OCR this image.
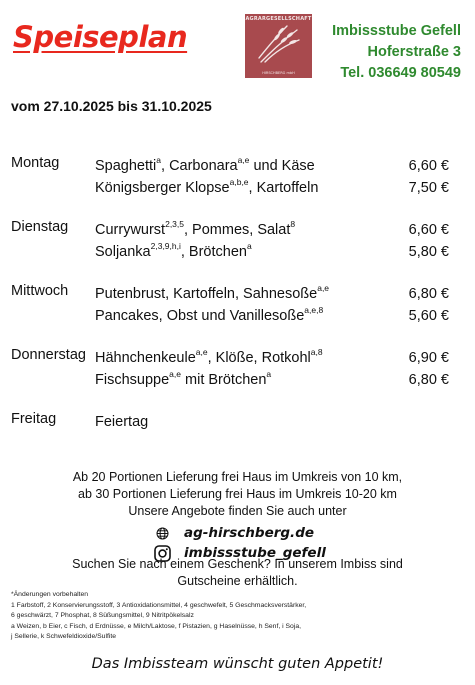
Speiseplan
AGRARGESELLSCHAFT
HIRSCHBERG mbH
Imbissstube Gefell
Hoferstraße 3
Tel. 036649 80549
vom 27.10.2025 bis 31.10.2025
Montag Spaghetti$^a$, Carbonara$^{a,e}$ und Käse	6,60 €
Königsberger Klopse$^{a,b,e}$, Kartoffeln	7,50 €
Dienstag Currywurst$^{2,3,5}$, Pommes, Salat$^8$	6,60 €
Soljanka$^{2,3,9,h,i}$, Brötchen$^a$	5,80 €
Mittwoch Putenbrust, Kartoffeln, Sahnesoße$^{a,e}$	6,80 €
Pancakes, Obst und Vanillesoße$^{a,e,8}$	5,60 €
Donnerstag Hähnchenkeule$^{a,e}$, Klöße, Rotkohl$^{a,8}$	6,90 €
Fischsuppe$^{a,e}$ mit Brötchen$^a$	6,80 €
Freitag	Feiertag
Ab 20 Portionen Lieferung frei Haus im Umkreis von 10 km,
ab 30 Portionen Lieferung frei Haus im Umkreis 10-20 km
Unsere Angebote finden Sie auch unter
ag-hirschberg.de
imbissstube_gefell
Suchen Sie nach einem Geschenk? In unserem Imbiss sind
Gutscheine erhältlich.
*Änderungen vorbehalten
1 Farbstoff, 2 Konservierungsstoff, 3 Antioxidationsmittel, 4 geschwefelt, 5 Geschmacksverstärker,
6 geschwärzt, 7 Phosphat, 8 Süßungsmittel, 9 Nitritpökelsalz
a Weizen, b Eier, c Fisch, d Erdnüsse, e Milch/Laktose, f Pistazien, g Haselnüsse, h Senf, i Soja,
j Sellerie, k Schwefeldioxide/Sulfite
Das Imbissteam wünscht guten Appetit!
